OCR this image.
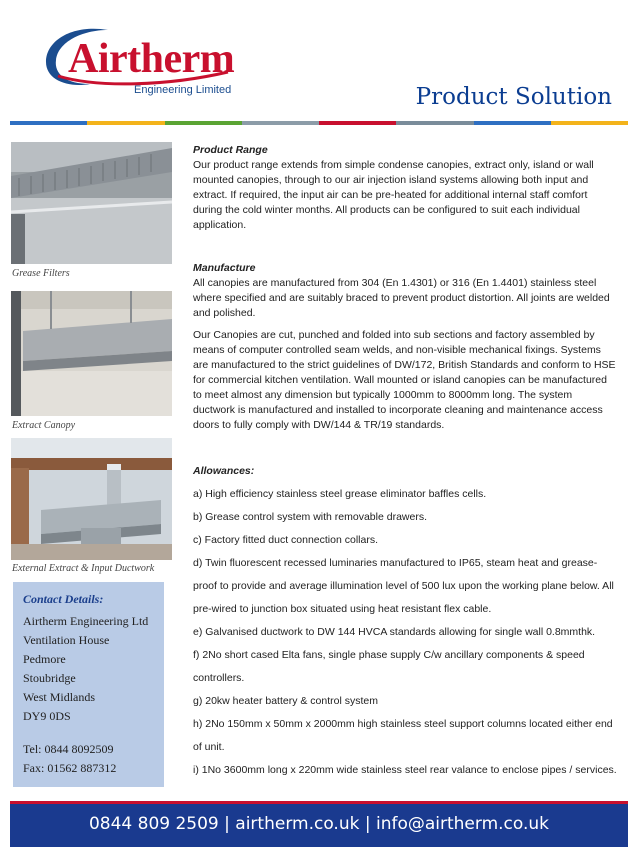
Airtherm
Engineering Limited	Product Solution
Grease Filters
Extract Canopy
External Extract & Input Ductwork
Contact Details:
Airtherm Engineering Ltd
Ventilation House
Pedmore
Stoubridge
West Midlands
DY9 0DS
Tel: 0844 8092509
Fax: 01562 887312
Product Range
Our product range extends from simple condense canopies, extract only, island or wall mounted canopies, through to our air injection island systems allowing both input and extract. If required, the input air can be pre-heated for additional internal staff comfort during the cold winter months. All products can be configured to suit each individual application.
Manufacture
All canopies are manufactured from 304 (En 1.4301) or 316 (En 1.4401) stainless steel where specified and are suitably braced to prevent product distortion. All joints are welded and polished.
Our Canopies are cut, punched and folded into sub sections and factory assembled by means of computer controlled seam welds, and non-visible mechanical fixings. Systems are manufactured to the strict guidelines of DW/172, British Standards and conform to HSE for commercial kitchen ventilation. Wall mounted or island canopies can be manufactured to meet almost any dimension but typically 1000mm to 8000mm long. The system ductwork is manufactured and installed to incorporate cleaning and maintenance access doors to fully comply with DW/144 & TR/19 standards.
Allowances:
a) High efficiency stainless steel grease eliminator baffles cells.
b) Grease control system with removable drawers.
c) Factory fitted duct connection collars.
d) Twin fluorescent recessed luminaries manufactured to IP65, steam heat and grease-proof to provide and average illumination level of 500 lux upon the working plane below. All pre-wired to junction box situated using heat resistant flex cable.
e) Galvanised ductwork to DW 144 HVCA standards allowing for single wall 0.8mmthk.
f) 2No short cased Elta fans, single phase supply C/w ancillary components & speed controllers.
g) 20kw heater battery & control system
h) 2No 150mm x 50mm x 2000mm high stainless steel support columns located either end of unit.
i) 1No 3600mm long x 220mm wide stainless steel rear valance to enclose pipes / services.
0844 809 2509 | airtherm.co.uk | info@airtherm.co.uk
